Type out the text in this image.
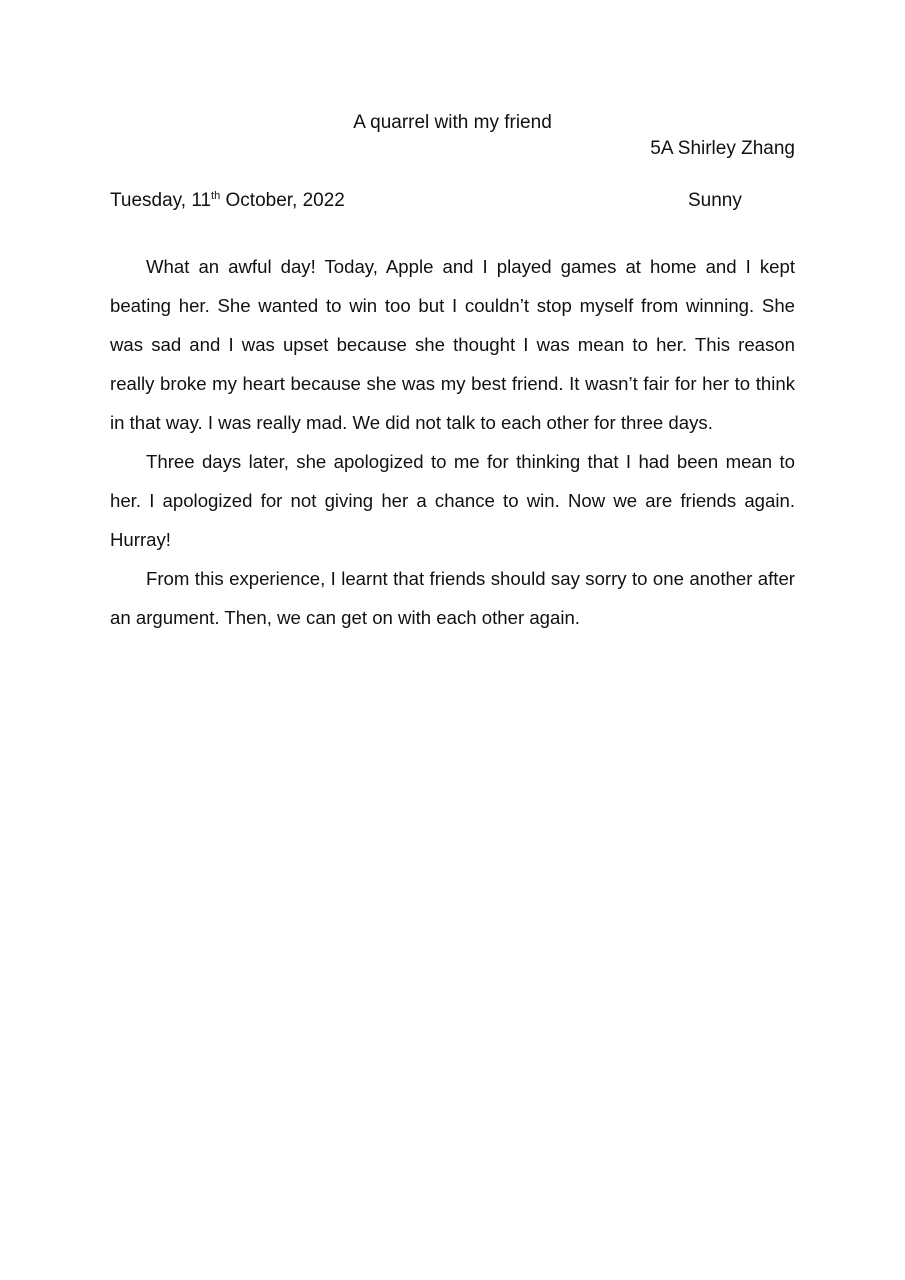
A quarrel with my friend
5A Shirley Zhang
Tuesday, 11th October, 2022	Sunny

What an awful day! Today, Apple and I played games at home and I kept beating her. She wanted to win too but I couldn’t stop myself from winning. She was sad and I was upset because she thought I was mean to her. This reason really broke my heart because she was my best friend. It wasn’t fair for her to think in that way. I was really mad. We did not talk to each other for three days.

Three days later, she apologized to me for thinking that I had been mean to her. I apologized for not giving her a chance to win. Now we are friends again. Hurray!

From this experience, I learnt that friends should say sorry to one another after an argument. Then, we can get on with each other again.
